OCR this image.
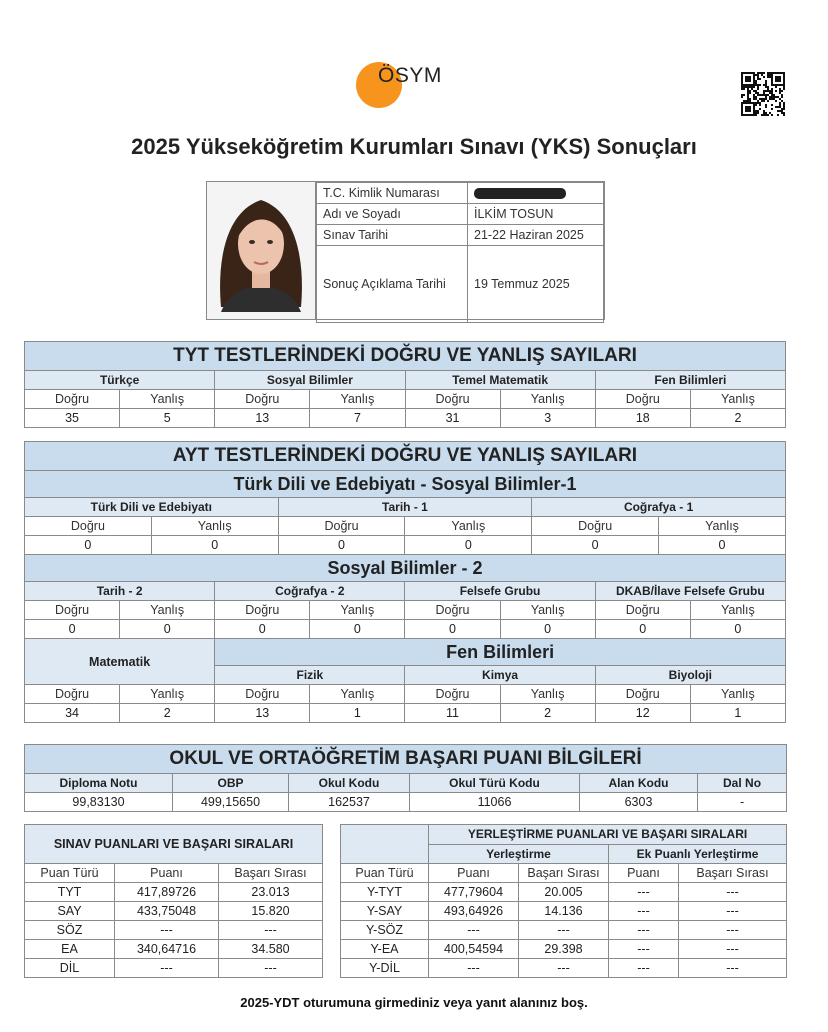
ÖSYM
2025 Yükseköğretim Kurumları Sınavı (YKS) Sonuçları
T.C. Kimlik Numarası	
Adı ve Soyadı	İLKİM TOSUN
Sınav Tarihi	21-22 Haziran 2025
Sonuç Açıklama Tarihi	19 Temmuz 2025
TYT TESTLERİNDEKİ DOĞRU VE YANLIŞ SAYILARI							
Türkçe		Sosyal Bilimler		Temel Matematik		Fen Bilimleri	
Doğru	Yanlış	Doğru	Yanlış	Doğru	Yanlış	Doğru	Yanlış
35	5	13	7	31	3	18	2
AYT TESTLERİNDEKİ DOĞRU VE YANLIŞ SAYILARI											
Türk Dili ve Edebiyatı - Sosyal Bilimler-1											
Türk Dili ve Edebiyatı				Tarih - 1				Coğrafya - 1			
Doğru		Yanlış		Doğru		Yanlış		Doğru		Yanlış	
0		0		0		0		0		0	
Sosyal Bilimler - 2											
Tarih - 2			Coğrafya - 2			Felsefe Grubu			DKAB/İlave Felsefe Grubu		
Doğru	Yanlış		Doğru		Yanlış	Doğru	Yanlış		Doğru		Yanlış
0	0		0		0	0	0		0		0
Matematik			Fen Bilimleri								
			Fizik			Kimya			Biyoloji		
Doğru	Yanlış		Doğru		Yanlış	Doğru	Yanlış		Doğru		Yanlış
34	2		13		1	11	2		12		1
OKUL VE ORTAÖĞRETİM BAŞARI PUANI BİLGİLERİ					
Diploma Notu	OBP	Okul Kodu	Okul Türü Kodu	Alan Kodu	Dal No
99,83130	499,15650	162537	11066	6303	-
SINAV PUANLARI VE BAŞARI SIRALARI		
Puan Türü	Puanı	Başarı Sırası
TYT	417,89726	23.013
SAY	433,75048	15.820
SÖZ	---	---
EA	340,64716	34.580
DİL	---	---
	YERLEŞTİRME PUANLARI VE BAŞARI SIRALARI			
	Yerleştirme		Ek Puanlı Yerleştirme	
Puan Türü	Puanı	Başarı Sırası	Puanı	Başarı Sırası
Y-TYT	477,79604	20.005	---	---
Y-SAY	493,64926	14.136	---	---
Y-SÖZ	---	---	---	---
Y-EA	400,54594	29.398	---	---
Y-DİL	---	---	---	---
2025-YDT oturumuna girmediniz veya yanıt alanınız boş.
